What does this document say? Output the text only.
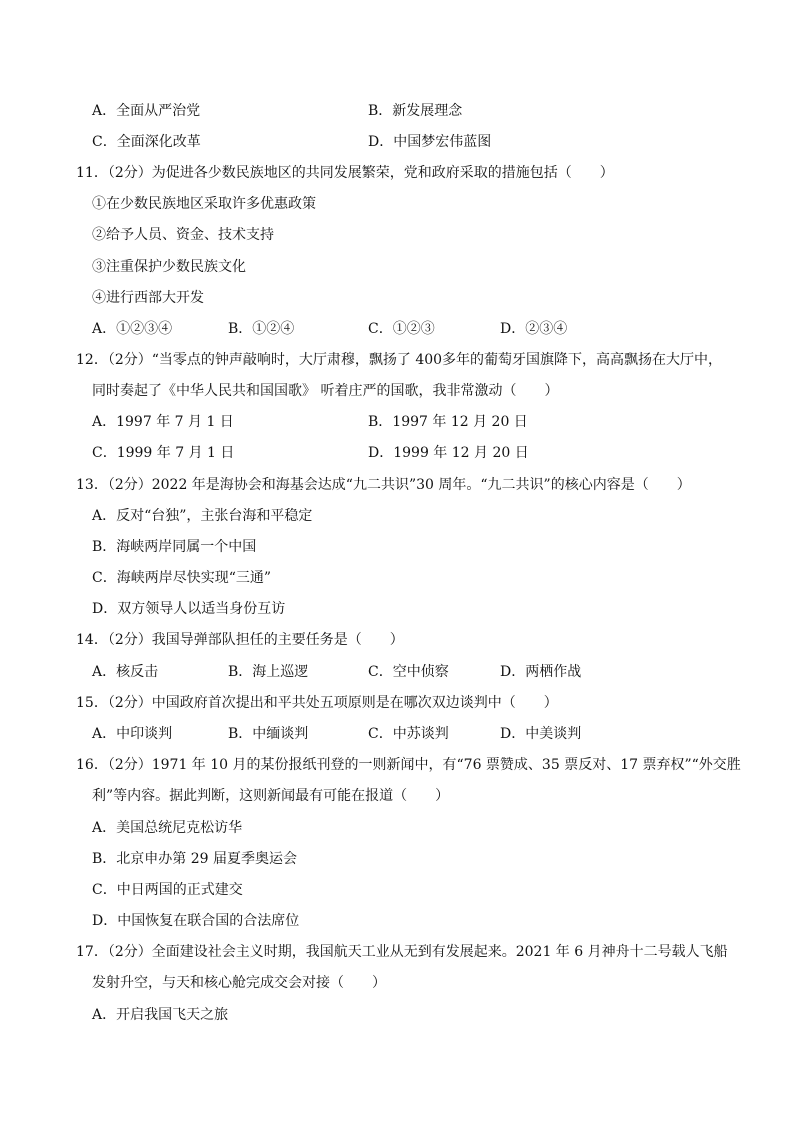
A．全面从严治党	B．新发展理念
C．全面深化改革	D．中国梦宏伟蓝图
11．（2分）为促进各少数民族地区的共同发展繁荣，党和政府采取的措施包括（　　）
①在少数民族地区采取许多优惠政策
②给予人员、资金、技术支持
③注重保护少数民族文化
④进行西部大开发
A．①②③④	B．①②④	C．①②③	D．②③④
12．（2分）“当零点的钟声敲响时，大厅肃穆，飘扬了 400多年的葡萄牙国旗降下，高高飘扬在大厅中，
同时奏起了《中华人民共和国国歌》 听着庄严的国歌，我非常激动（　　）
A．1997 年 7 月 1 日	B．1997 年 12 月 20 日
C．1999 年 7 月 1 日	D．1999 年 12 月 20 日
13．（2分）2022 年是海协会和海基会达成“九二共识”30 周年。“九二共识”的核心内容是（　　）
A．反对“台独”，主张台海和平稳定
B．海峡两岸同属一个中国
C．海峡两岸尽快实现“三通”
D．双方领导人以适当身份互访
14．（2分）我国导弹部队担任的主要任务是（　　）
A．核反击	B．海上巡逻	C．空中侦察	D．两栖作战
15．（2分）中国政府首次提出和平共处五项原则是在哪次双边谈判中（　　）
A．中印谈判	B．中缅谈判	C．中苏谈判	D．中美谈判
16．（2分）1971 年 10 月的某份报纸刊登的一则新闻中，有“76 票赞成、35 票反对、17 票弃权”“外交胜
利”等内容。据此判断，这则新闻最有可能在报道（　　）
A．美国总统尼克松访华
B．北京申办第 29 届夏季奥运会
C．中日两国的正式建交
D．中国恢复在联合国的合法席位
17．（2分）全面建设社会主义时期，我国航天工业从无到有发展起来。2021 年 6 月神舟十二号载人飞船
发射升空，与天和核心舱完成交会对接（　　）
A．开启我国飞天之旅
